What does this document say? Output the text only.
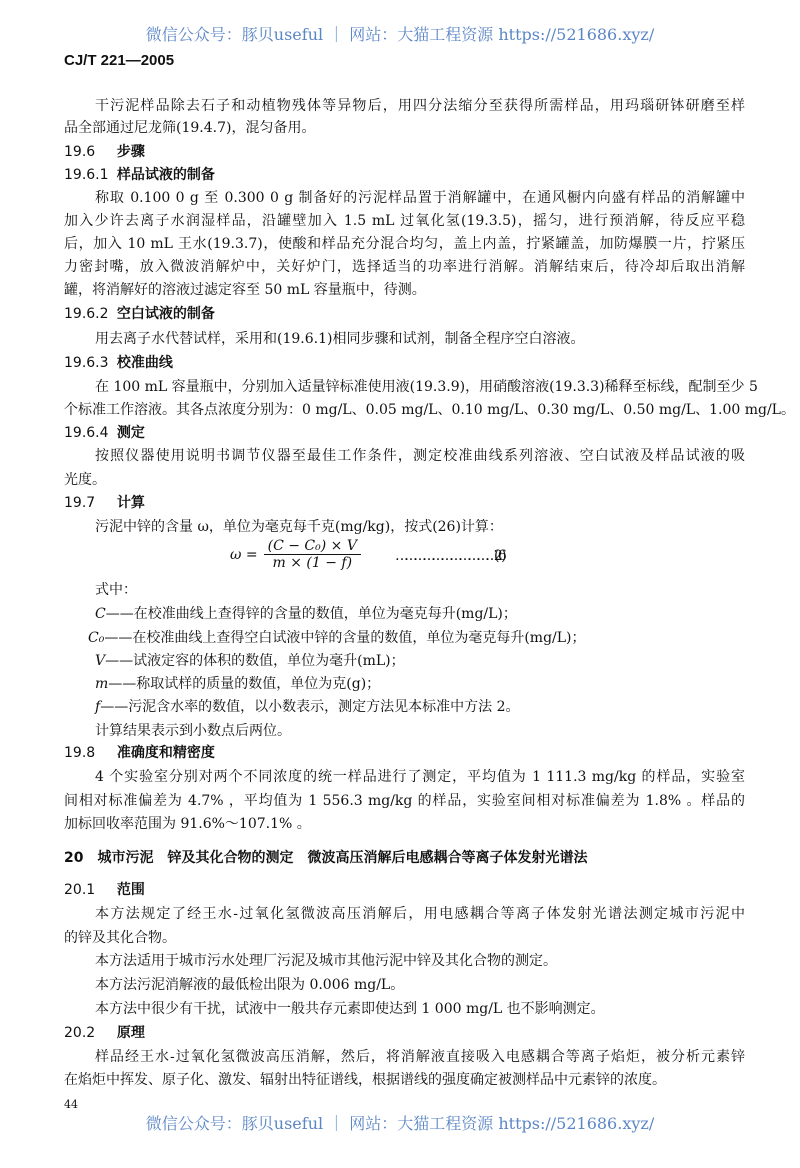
微信公众号：豚贝useful ｜ 网站：大猫工程资源 https://521686.xyz/
CJ/T 221—2005
干污泥样品除去石子和动植物残体等异物后，用四分法缩分至获得所需样品，用玛瑙研钵研磨至样
品全部通过尼龙筛(19.4.7)，混匀备用。
19.6 步骤
19.6.1 样品试液的制备
称取 0.100 0 g 至 0.300 0 g 制备好的污泥样品置于消解罐中，在通风橱内向盛有样品的消解罐中
加入少许去离子水润湿样品，沿罐壁加入 1.5 mL 过氧化氢(19.3.5)，摇匀，进行预消解，待反应平稳
后，加入 10 mL 王水(19.3.7)，使酸和样品充分混合均匀，盖上内盖，拧紧罐盖，加防爆膜一片，拧紧压
力密封嘴，放入微波消解炉中，关好炉门，选择适当的功率进行消解。消解结束后，待冷却后取出消解
罐，将消解好的溶液过滤定容至 50 mL 容量瓶中，待测。
19.6.2 空白试液的制备
用去离子水代替试样，采用和(19.6.1)相同步骤和试剂，制备全程序空白溶液。
19.6.3 校准曲线
在 100 mL 容量瓶中，分别加入适量锌标准使用液(19.3.9)，用硝酸溶液(19.3.3)稀释至标线，配制至少 5
个标准工作溶液。其各点浓度分别为：0 mg/L、0.05 mg/L、0.10 mg/L、0.30 mg/L、0.50 mg/L、1.00 mg/L。
19.6.4 测定
按照仪器使用说明书调节仪器至最佳工作条件，测定校准曲线系列溶液、空白试液及样品试液的吸
光度。
19.7 计算
污泥中锌的含量 ω，单位为毫克每千克(mg/kg)，按式(26)计算：
$\omega = \frac{\text{(C − C₀) × V}}{m \times (1 - f)}$ ……………………………( 26 )
式中：
C——在校准曲线上查得锌的含量的数值，单位为毫克每升(mg/L)；
C₀——在校准曲线上查得空白试液中锌的含量的数值，单位为毫克每升(mg/L)；
V——试液定容的体积的数值，单位为毫升(mL)；
m——称取试样的质量的数值，单位为克(g)；
f——污泥含水率的数值，以小数表示，测定方法见本标准中方法 2。
计算结果表示到小数点后两位。
19.8 准确度和精密度
4 个实验室分别对两个不同浓度的统一样品进行了测定，平均值为 1 111.3 mg/kg 的样品，实验室
间相对标准偏差为 4.7% ，平均值为 1 556.3 mg/kg 的样品，实验室间相对标准偏差为 1.8% 。样品的
加标回收率范围为 91.6%～107.1% 。
20 城市污泥　锌及其化合物的测定　微波高压消解后电感耦合等离子体发射光谱法
20.1 范围
本方法规定了经王水-过氧化氢微波高压消解后，用电感耦合等离子体发射光谱法测定城市污泥中
的锌及其化合物。
本方法适用于城市污水处理厂污泥及城市其他污泥中锌及其化合物的测定。
本方法污泥消解液的最低检出限为 0.006 mg/L。
本方法中很少有干扰，试液中一般共存元素即使达到 1 000 mg/L 也不影响测定。
20.2 原理
样品经王水-过氧化氢微波高压消解，然后，将消解液直接吸入电感耦合等离子焰炬，被分析元素锌
在焰炬中挥发、原子化、激发、辐射出特征谱线，根据谱线的强度确定被测样品中元素锌的浓度。
44
微信公众号：豚贝useful ｜ 网站：大猫工程资源 https://521686.xyz/
